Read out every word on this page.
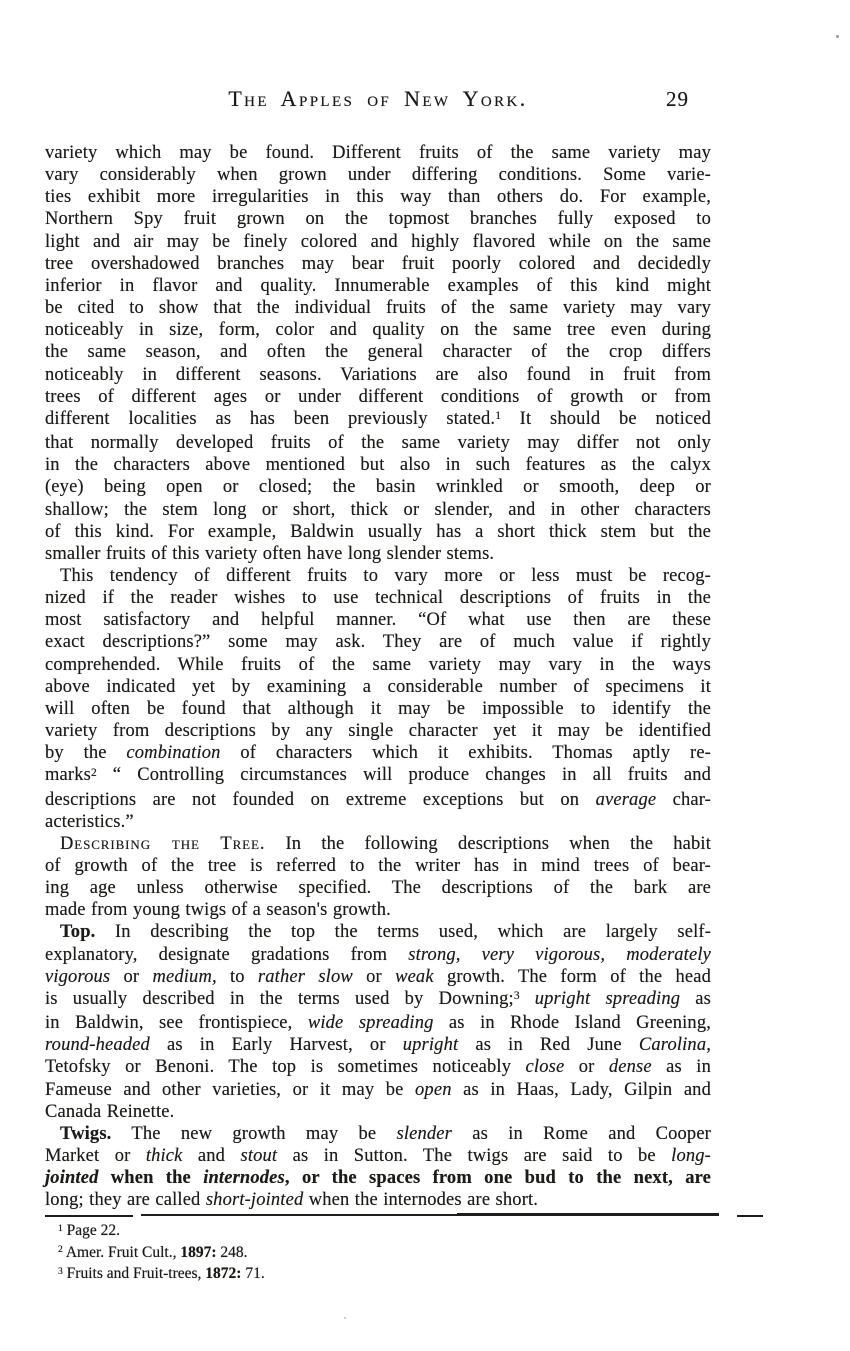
The Apples of New York.	29
variety which may be found. Different fruits of the same variety may
vary considerably when grown under differing conditions. Some varie-
ties exhibit more irregularities in this way than others do. For example,
Northern Spy fruit grown on the topmost branches fully exposed to
light and air may be finely colored and highly flavored while on the same
tree overshadowed branches may bear fruit poorly colored and decidedly
inferior in flavor and quality. Innumerable examples of this kind might
be cited to show that the individual fruits of the same variety may vary
noticeably in size, form, color and quality on the same tree even during
the same season, and often the general character of the crop differs
noticeably in different seasons. Variations are also found in fruit from
trees of different ages or under different conditions of growth or from
different localities as has been previously stated.$^1$ It should be noticed
that normally developed fruits of the same variety may differ not only
in the characters above mentioned but also in such features as the calyx
(eye) being open or closed; the basin wrinkled or smooth, deep or
shallow; the stem long or short, thick or slender, and in other characters
of this kind. For example, Baldwin usually has a short thick stem but the
smaller fruits of this variety often have long slender stems.
This tendency of different fruits to vary more or less must be recog-
nized if the reader wishes to use technical descriptions of fruits in the
most satisfactory and helpful manner. “Of what use then are these
exact descriptions?” some may ask. They are of much value if rightly
comprehended. While fruits of the same variety may vary in the ways
above indicated yet by examining a considerable number of specimens it
will often be found that although it may be impossible to identify the
variety from descriptions by any single character yet it may be identified
by the combination of characters which it exhibits. Thomas aptly re-
marks$^2$ “ Controlling circumstances will produce changes in all fruits and
descriptions are not founded on extreme exceptions but on average char-
acteristics.”
Describing the Tree. In the following descriptions when the habit
of growth of the tree is referred to the writer has in mind trees of bear-
ing age unless otherwise specified. The descriptions of the bark are
made from young twigs of a season's growth.
Top. In describing the top the terms used, which are largely self-
explanatory, designate gradations from strong, very vigorous, moderately
vigorous or medium, to rather slow or weak growth. The form of the head
is usually described in the terms used by Downing;$^3$ upright spreading as
in Baldwin, see frontispiece, wide spreading as in Rhode Island Greening,
round-headed as in Early Harvest, or upright as in Red June Carolina,
Tetofsky or Benoni. The top is sometimes noticeably close or dense as in
Fameuse and other varieties, or it may be open as in Haas, Lady, Gilpin and
Canada Reinette.
Twigs. The new growth may be slender as in Rome and Cooper
Market or thick and stout as in Sutton. The twigs are said to be long-
jointed when the internodes, or the spaces from one bud to the next, are
long; they are called short-jointed when the internodes are short.
$^1$ Page 22.
$^2$ Amer. Fruit Cult., 1897: 248.
$^3$ Fruits and Fruit-trees, 1872: 71.
